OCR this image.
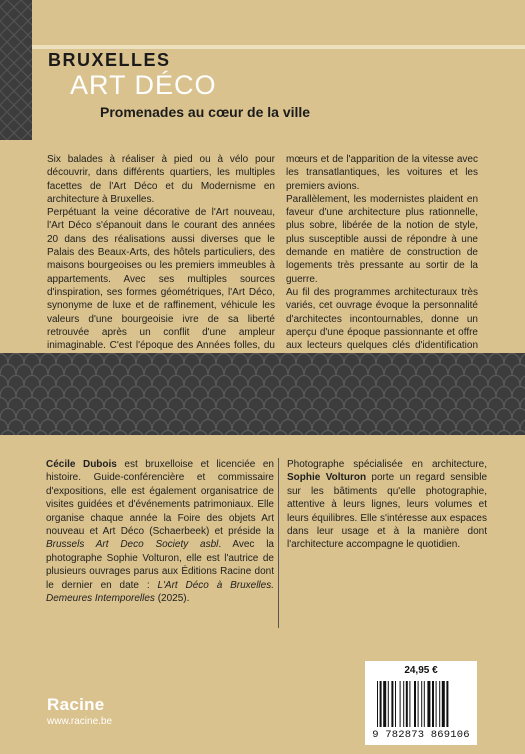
BRUXELLES
ART DÉCO
Promenades au cœur de la ville

Six balades à réaliser à pied ou à vélo pour découvrir, dans différents quartiers, les multiples facettes de l'Art Déco et du Modernisme en architecture à Bruxelles.

Perpétuant la veine décorative de l'Art nouveau, l'Art Déco s'épanouit dans le courant des années 20 dans des réalisations aussi diverses que le Palais des Beaux-Arts, des hôtels particuliers, des maisons bourgeoises ou les premiers immeubles à appartements. Avec ses multiples sources d'inspiration, ses formes géométriques, l'Art Déco, synonyme de luxe et de raffinement, véhicule les valeurs d'une bourgeoisie ivre de sa liberté retrouvée après un conflit d'une ampleur inimaginable. C'est l'époque des Années folles, du

mœurs et de l'apparition de la vitesse avec les transatlantiques, les voitures et les premiers avions.

Parallèlement, les modernistes plaident en faveur d'une architecture plus rationnelle, plus sobre, libérée de la notion de style, plus susceptible aussi de répondre à une demande en matière de construction de logements très pressante au sortir de la guerre.

Au fil des programmes architecturaux très variés, cet ouvrage évoque la personnalité d'architectes incontournables, donne un aperçu d'une époque passionnante et offre aux lecteurs quelques clés d'identification

Cécile Dubois est bruxelloise et licenciée en histoire. Guide-conférencière et commissaire d'expositions, elle est également organisatrice de visites guidées et d'événements patrimoniaux. Elle organise chaque année la Foire des objets Art nouveau et Art Déco (Schaerbeek) et préside la Brussels Art Deco Society asbl. Avec la photographe Sophie Volturon, elle est l'autrice de plusieurs ouvrages parus aux Éditions Racine dont le dernier en date : L'Art Déco à Bruxelles. Demeures Intemporelles (2025).

Photographe spécialisée en architecture, Sophie Volturon porte un regard sensible sur les bâtiments qu'elle photographie, attentive à leurs lignes, leurs volumes et leurs équilibres. Elle s'intéresse aux espaces dans leur usage et à la manière dont l'architecture accompagne le quotidien.

Racine
www.racine.be
24,95 €
9 782873 869106
